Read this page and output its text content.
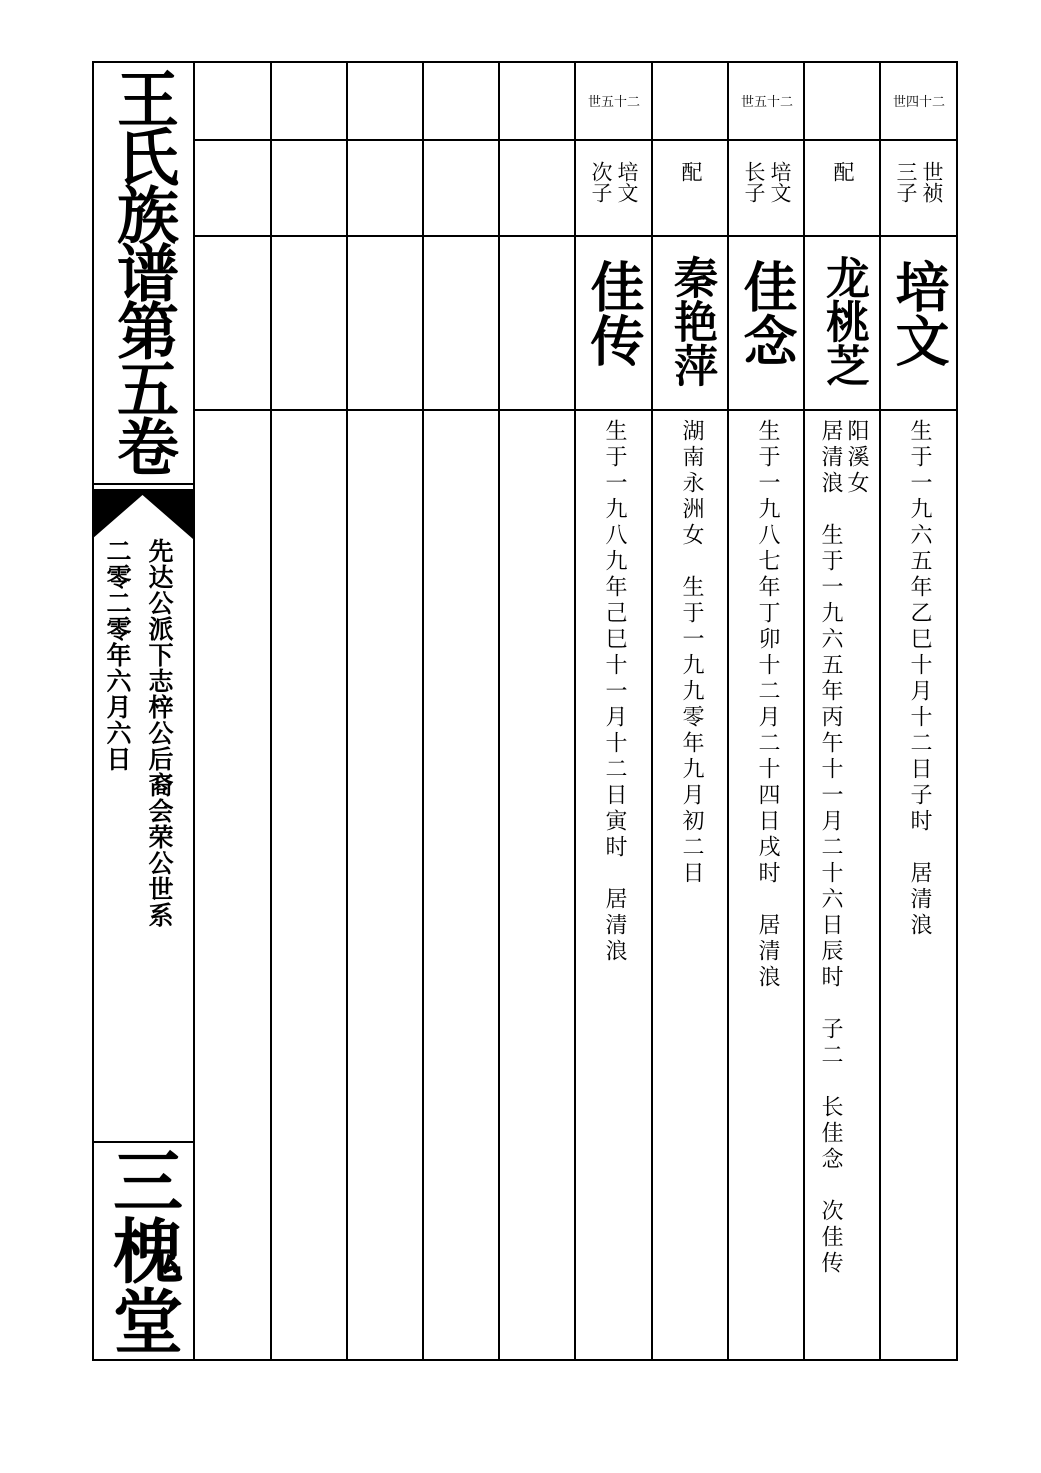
王氏族谱第五卷
先达公派下志梓公后裔会荣公世系
二零二零年六月六日
三槐堂
二十四世
世祯
三子
培文
生于一九六五年乙巳十月十二日子时　居清浪
配
龙桃芝
阳溪女
居清浪　生于一九六五年丙午十一月二十六日辰时　子二　长佳念　次佳传
二十五世
培文
长子
佳念
生于一九八七年丁卯十二月二十四日戌时　居清浪
配
秦艳萍
湖南永洲女　生于一九九零年九月初二日
二十五世
培文
次子
佳传
生于一九八九年己巳十一月十二日寅时　居清浪
